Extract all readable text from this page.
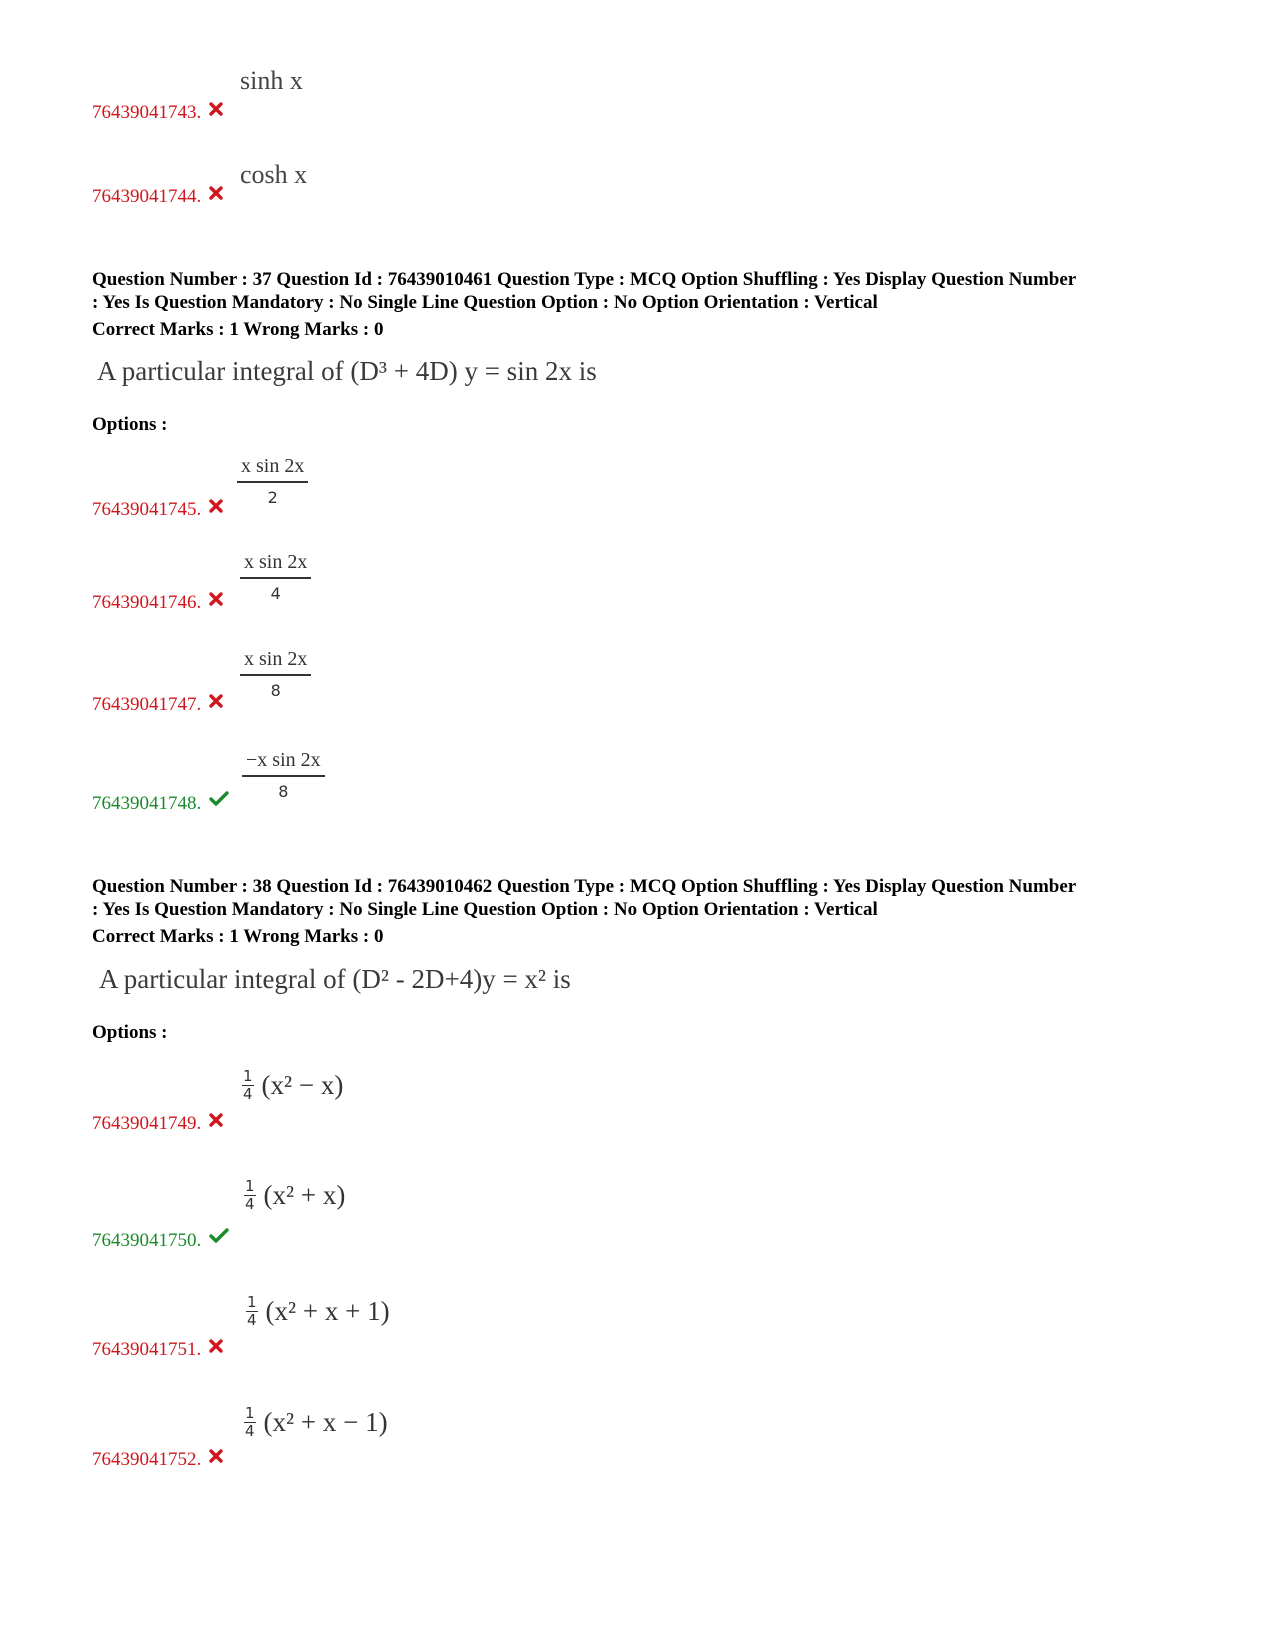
sinh x
76439041743.
cosh x
76439041744.
Question Number : 37 Question Id : 76439010461 Question Type : MCQ Option Shuffling : Yes Display Question Number
: Yes Is Question Mandatory : No Single Line Question Option : No Option Orientation : Vertical
Correct Marks : 1 Wrong Marks : 0
A particular integral of (D³ + 4D) y = sin 2x is
Options :
x sin 2x
2
76439041745.
x sin 2x
4
76439041746.
x sin 2x
8
76439041747.
−x sin 2x
8
76439041748.
Question Number : 38 Question Id : 76439010462 Question Type : MCQ Option Shuffling : Yes Display Question Number
: Yes Is Question Mandatory : No Single Line Question Option : No Option Orientation : Vertical
Correct Marks : 1 Wrong Marks : 0
A particular integral of (D² - 2D+4)y = x² is
Options :
$\frac{1}{4} (x^2 - x)$
76439041749.
$\frac{1}{4} (x^2 + x)$
76439041750.
$\frac{1}{4} (x^2 + x + 1)$
76439041751.
$\frac{1}{4} (x^2 + x - 1)$
76439041752.
